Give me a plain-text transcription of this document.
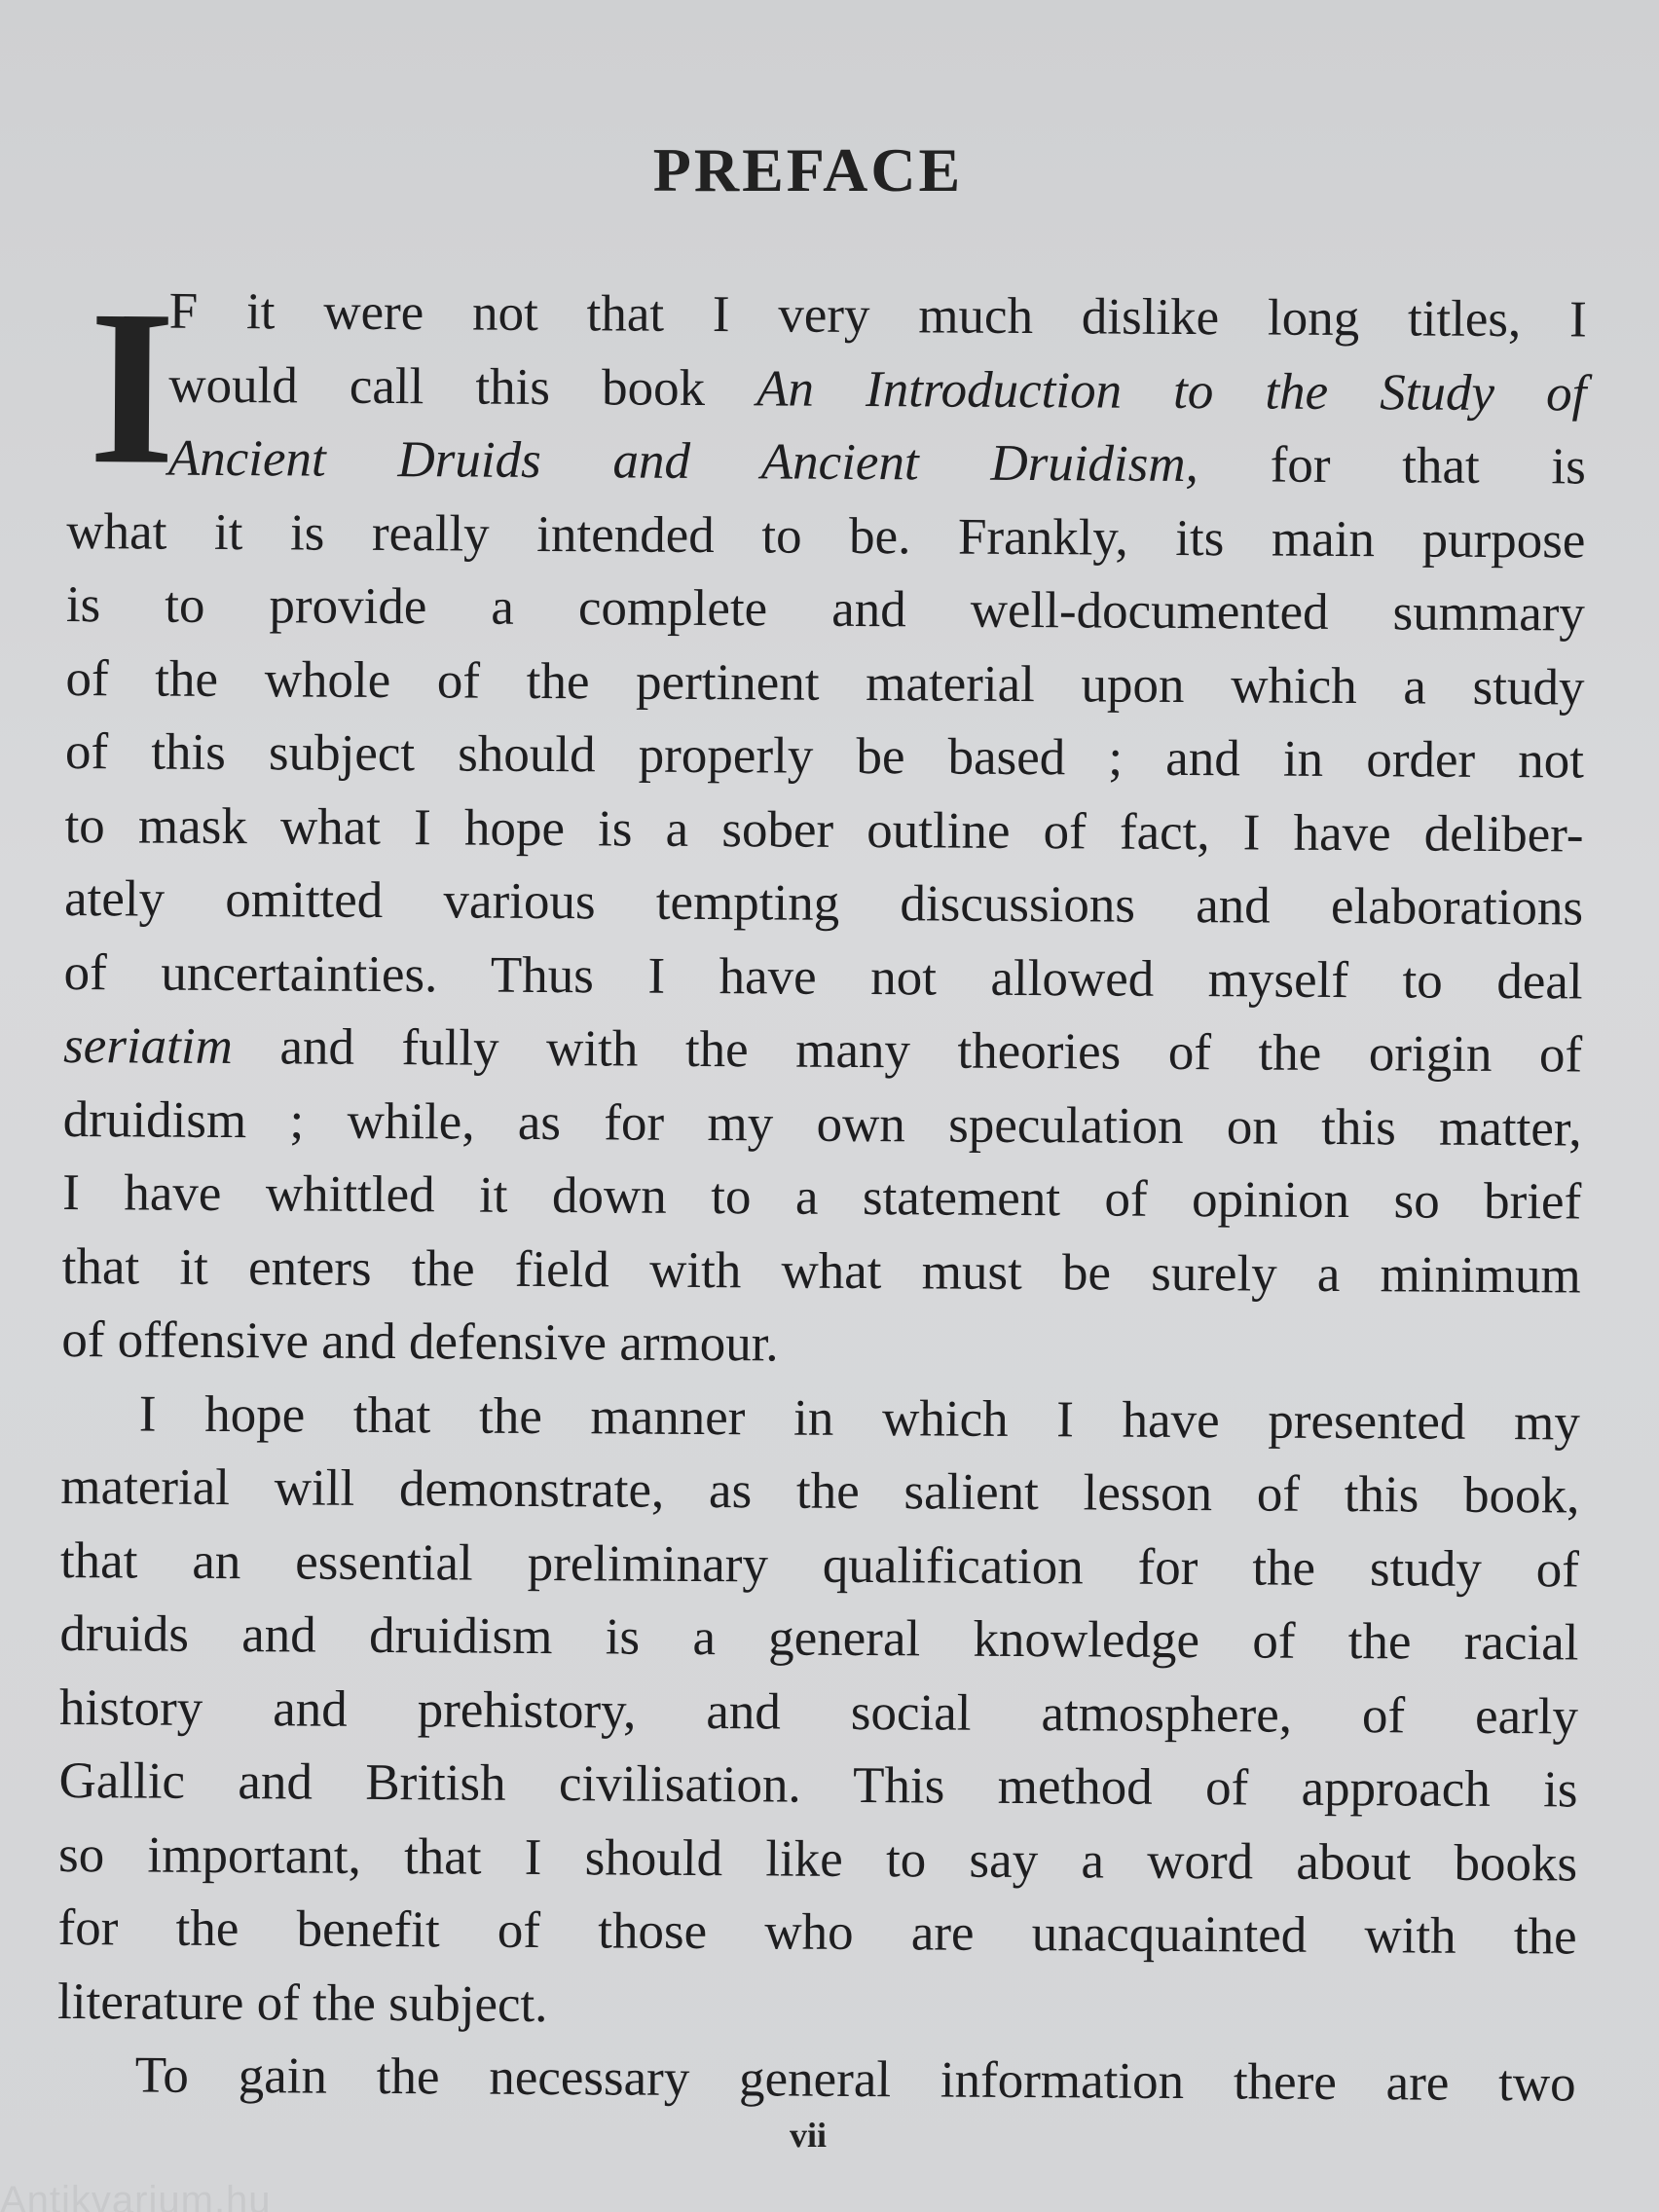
PREFACE
I
F it were not that I very much dislike long titles, I
would call this book An Introduction to the Study of
Ancient Druids and Ancient Druidism, for that is
what it is really intended to be. Frankly, its main purpose
is to provide a complete and well-documented summary
of the whole of the pertinent material upon which a study
of this subject should properly be based ; and in order not
to mask what I hope is a sober outline of fact, I have deliber-
ately omitted various tempting discussions and elaborations
of uncertainties. Thus I have not allowed myself to deal
seriatim and fully with the many theories of the origin of
druidism ; while, as for my own speculation on this matter,
I have whittled it down to a statement of opinion so brief
that it enters the field with what must be surely a minimum
of offensive and defensive armour.
I hope that the manner in which I have presented my
material will demonstrate, as the salient lesson of this book,
that an essential preliminary qualification for the study of
druids and druidism is a general knowledge of the racial
history and prehistory, and social atmosphere, of early
Gallic and British civilisation. This method of approach is
so important, that I should like to say a word about books
for the benefit of those who are unacquainted with the
literature of the subject.
To gain the necessary general information there are two
vii
Antikvarium.hu
